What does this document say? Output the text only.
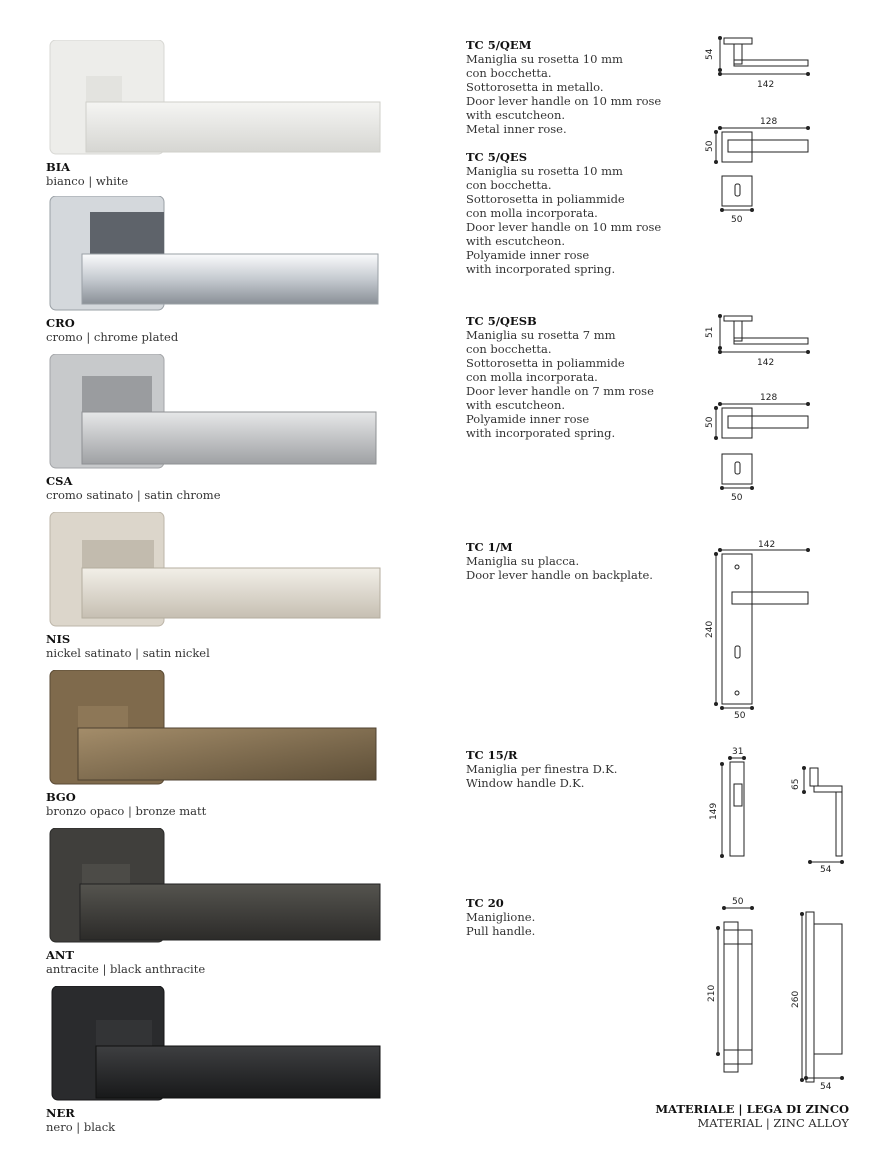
BIA
bianco | white
CRO
cromo | chrome plated
CSA
cromo satinato | satin chrome
NIS
nickel satinato | satin nickel
BGO
bronzo opaco | bronze matt
ANT
antracite | black anthracite
NER
nero | black
TC 5/QEM
Maniglia su rosetta 10 mm
con bocchetta.
Sottorosetta in metallo.
Door lever handle on 10 mm rose
with escutcheon.
Metal inner rose.
TC 5/QES
Maniglia su rosetta 10 mm
con bocchetta.
Sottorosetta in poliammide
con molla incorporata.
Door lever handle on 10 mm rose
with escutcheon.
Polyamide inner rose
with incorporated spring.
TC 5/QESB
Maniglia su rosetta 7 mm
con bocchetta.
Sottorosetta in poliammide
con molla incorporata.
Door lever handle on 7 mm rose
with escutcheon.
Polyamide inner rose
with incorporated spring.
TC 1/M
Maniglia su placca.
Door lever handle on backplate.
TC 15/R
Maniglia per finestra D.K.
Window handle D.K.
TC 20
Maniglione.
Pull handle.
54
142
128
50
50
51
142
128
50
50
142
240
50
31
149
65
54
50
210	260
54
MATERIALE | LEGA DI ZINCO
MATERIAL | ZINC ALLOY
